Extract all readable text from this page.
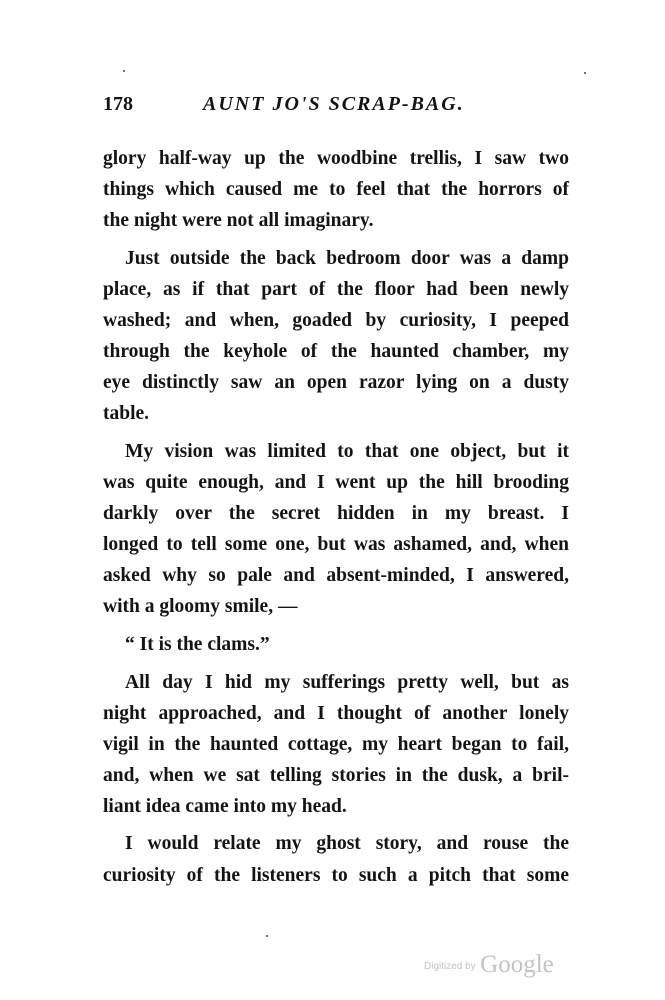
178	AUNT JO'S SCRAP-BAG.

glory half-way up the woodbine trellis, I saw two
things which caused me to feel that the horrors of
the night were not all imaginary.

Just outside the back bedroom door was a damp
place, as if that part of the floor had been newly
washed; and when, goaded by curiosity, I peeped
through the keyhole of the haunted chamber, my
eye distinctly saw an open razor lying on a dusty
table.

My vision was limited to that one object, but it
was quite enough, and I went up the hill brooding
darkly over the secret hidden in my breast. I
longed to tell some one, but was ashamed, and, when
asked why so pale and absent-minded, I answered,
with a gloomy smile, —

“ It is the clams.”

All day I hid my sufferings pretty well, but as
night approached, and I thought of another lonely
vigil in the haunted cottage, my heart began to fail,
and, when we sat telling stories in the dusk, a bril-
liant idea came into my head.

I would relate my ghost story, and rouse the
curiosity of the listeners to such a pitch that some

Digitized by Google
